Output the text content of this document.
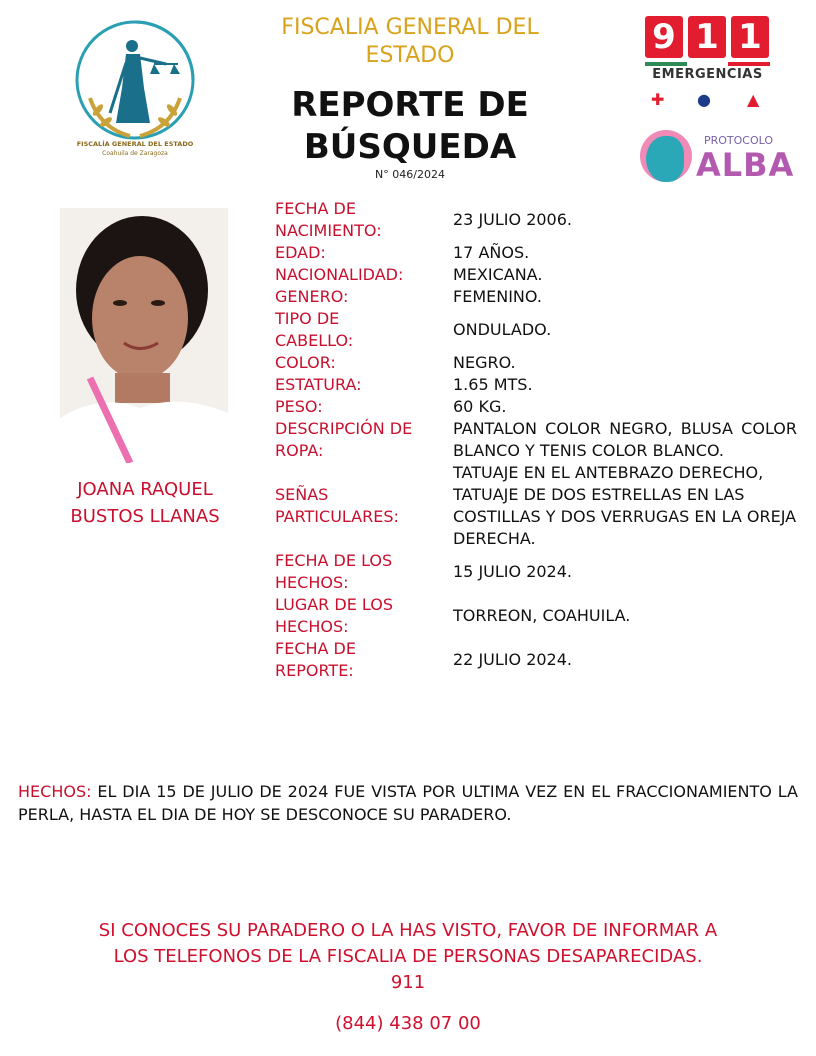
FISCALÍA GENERAL DEL ESTADO
Coahuila de Zaragoza
FISCALIA GENERAL DEL ESTADO
REPORTE DE BÚSQUEDA
N° 046/2024
9 1 1
EMERGENCIAS
✚ ● ▲
PROTOCOLO
ALBA
JOANA RAQUEL
BUSTOS LLANAS
FECHA DE NACIMIENTO:
23 JULIO 2006.
EDAD:	17 AÑOS.
NACIONALIDAD:	MEXICANA.
GENERO:	FEMENINO.
TIPO DE CABELLO:
ONDULADO.
COLOR:	NEGRO.
ESTATURA:	1.65 MTS.
PESO:	60 KG.
DESCRIPCIÓN DE ROPA:
PANTALON COLOR NEGRO, BLUSA COLOR BLANCO Y TENIS COLOR BLANCO.
SEÑAS PARTICULARES:
TATUAJE EN EL ANTEBRAZO DERECHO, TATUAJE DE DOS ESTRELLAS EN LAS COSTILLAS Y DOS VERRUGAS EN LA OREJA DERECHA.
FECHA DE LOS HECHOS:
15 JULIO 2024.
LUGAR DE LOS HECHOS:
TORREON, COAHUILA.
FECHA DE REPORTE:
22 JULIO 2024.
HECHOS: EL DIA 15 DE JULIO DE 2024 FUE VISTA POR ULTIMA VEZ EN EL FRACCIONAMIENTO LA PERLA, HASTA EL DIA DE HOY SE DESCONOCE SU PARADERO.
SI CONOCES SU PARADERO O LA HAS VISTO, FAVOR DE INFORMAR A
LOS TELEFONOS DE LA FISCALIA DE PERSONAS DESAPARECIDAS.
911
(844) 438 07 00
